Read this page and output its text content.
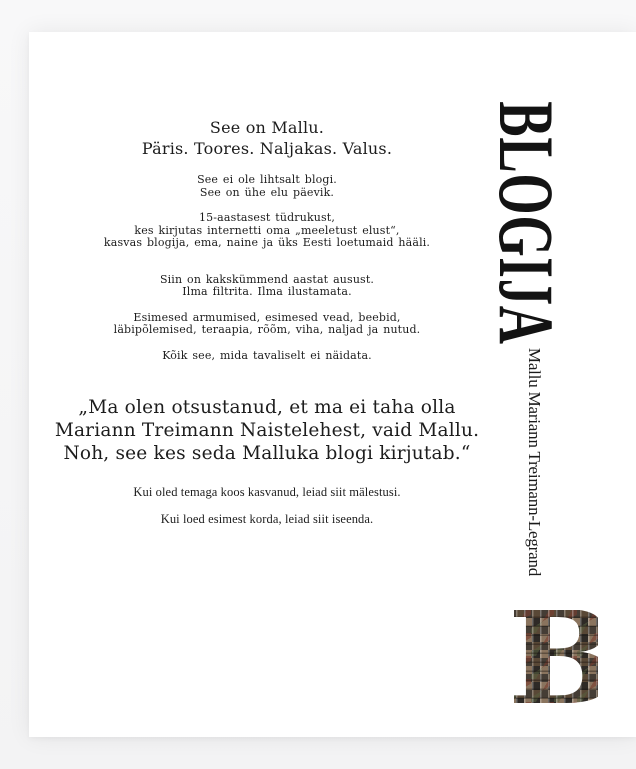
See on Mallu.
Päris. Toores. Naljakas. Valus.
See ei ole lihtsalt blogi.
See on ühe elu päevik.
15-aastasest tüdrukust,
kes kirjutas internetti oma „meeletust elust“,
kasvas blogija, ema, naine ja üks Eesti loetumaid hääli.
Siin on kakskümmend aastat ausust.
Ilma filtrita. Ilma ilustamata.
Esimesed armumised, esimesed vead, beebid,
läbipõlemised, teraapia, rõõm, viha, naljad ja nutud.
Kõik see, mida tavaliselt ei näidata.
„Ma olen otsustanud, et ma ei taha olla
Mariann Treimann Naistelehest, vaid Mallu.
Noh, see kes seda Malluka blogi kirjutab.“
Kui oled temaga koos kasvanud, leiad siit mälestusi.
Kui loed esimest korda, leiad siit iseenda.
BLOGIJA
Mallu Mariann Treimann-Legrand
B
